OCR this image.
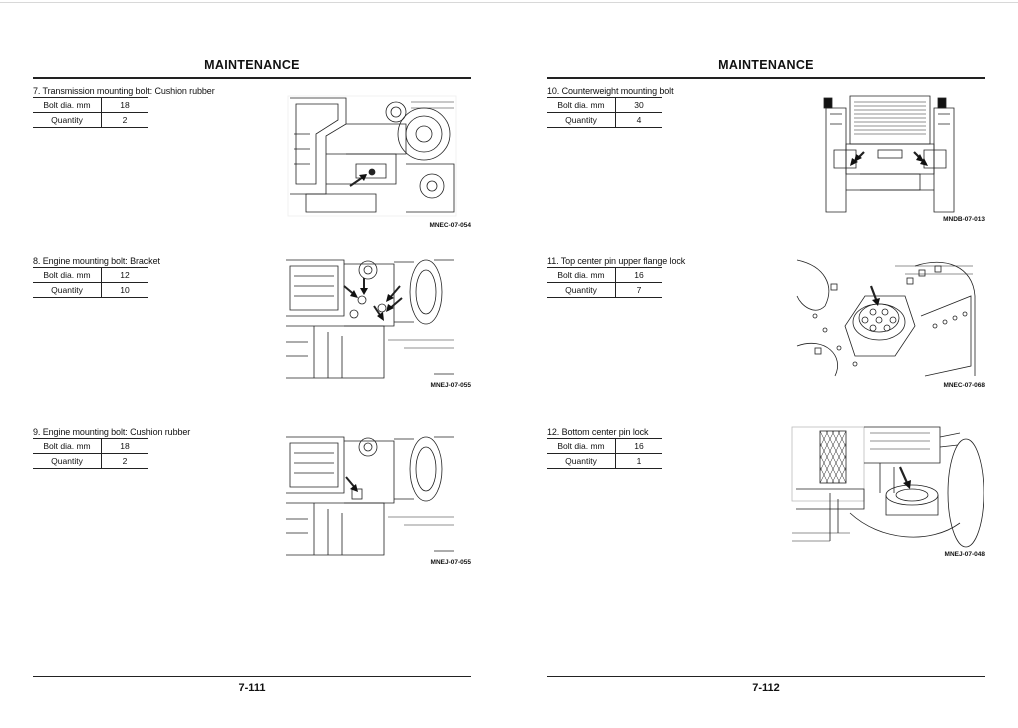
MAINTENANCE
7. Transmission mounting bolt: Cushion rubber
Bolt dia. mm	18
Quantity	2
MNEC-07-054
8. Engine mounting bolt: Bracket
Bolt dia. mm	12
Quantity	10
MNEJ-07-055
9. Engine mounting bolt: Cushion rubber
Bolt dia. mm	18
Quantity	2
MNEJ-07-055
7-111
MAINTENANCE
10. Counterweight mounting bolt
Bolt dia. mm	30
Quantity	4
MNDB-07-013
11. Top center pin upper flange lock
Bolt dia. mm	16
Quantity	7
MNEC-07-068
12. Bottom center pin lock
Bolt dia. mm	16
Quantity	1
MNEJ-07-048
7-112
